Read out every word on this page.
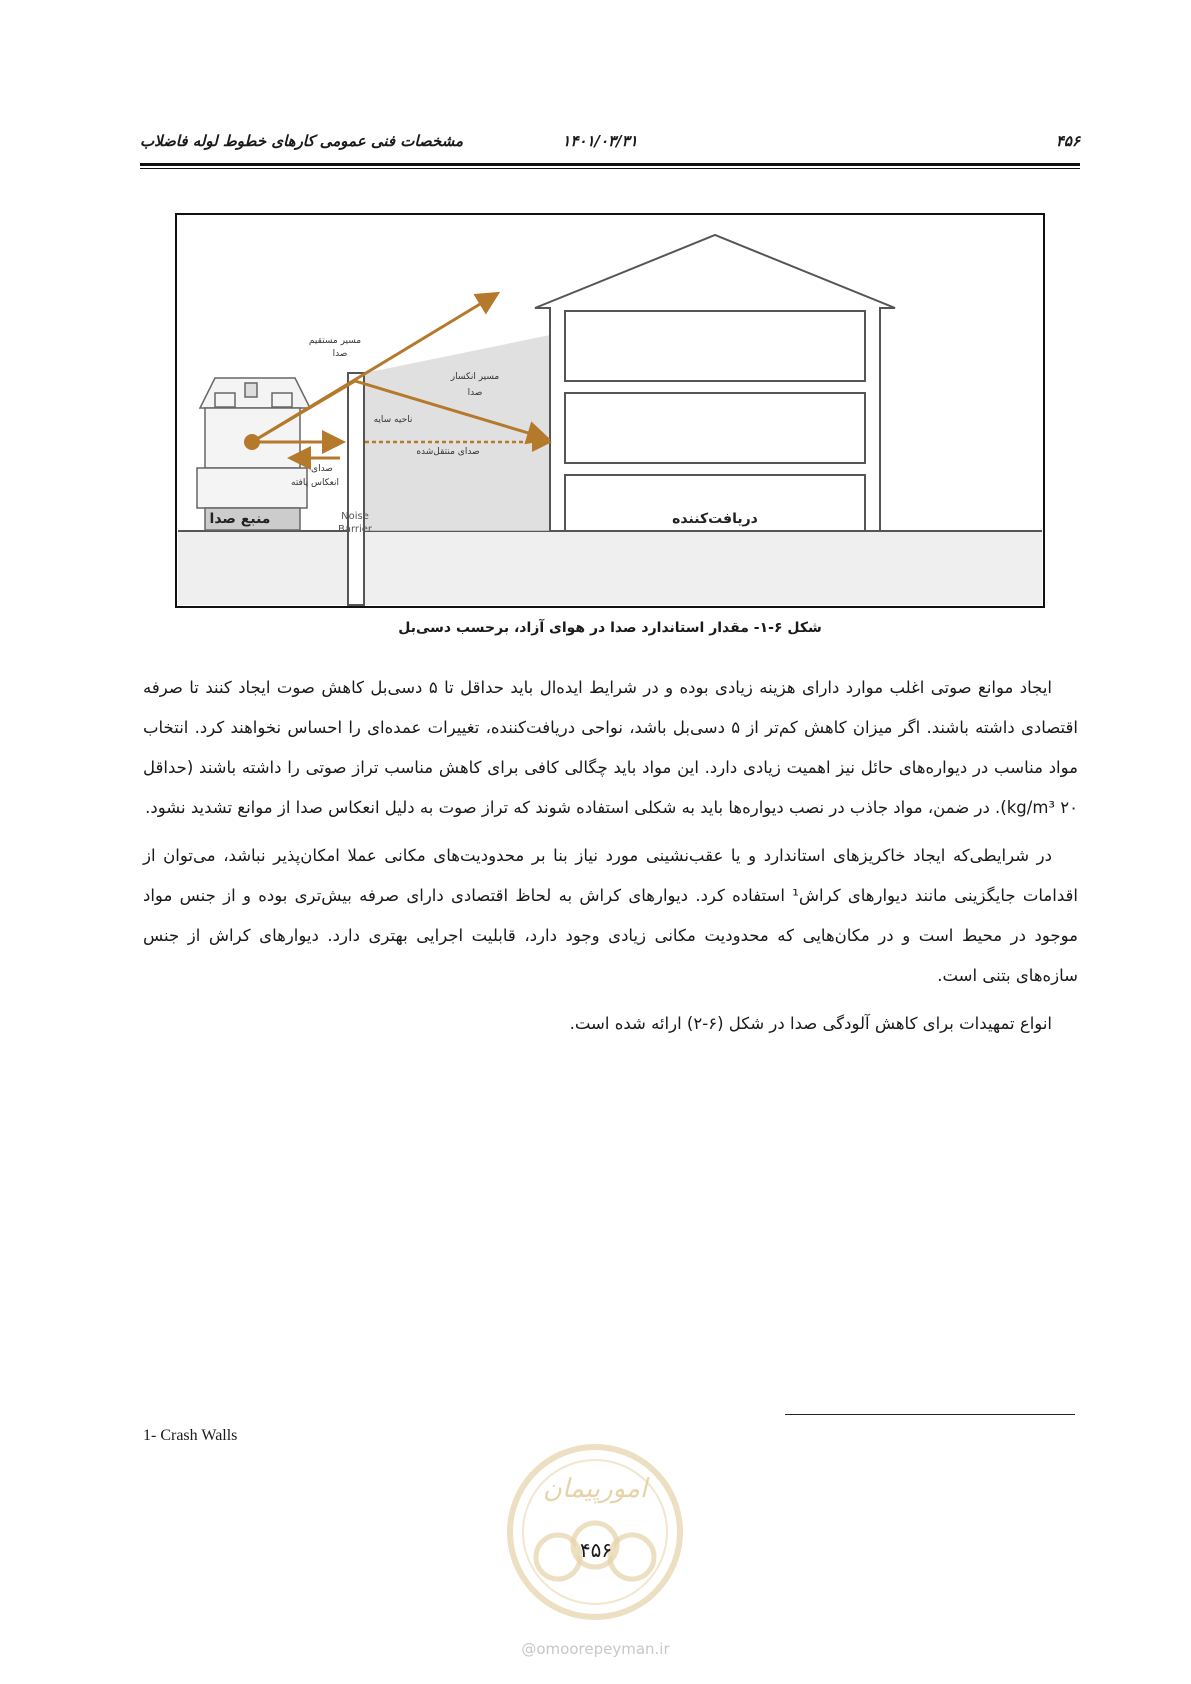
۴۵۶
۱۴۰۱/۰۳/۳۱
مشخصات فنی عمومی کارهای خطوط لوله فاضلاب
مسیر مستقیم
صدا
مسیر انکسار
صدا
ناحیه سایه
صدای منتقل‌شده
صدای
انعکاس یافته
منبع صدا	Noise
Barrier
دریافت‌کننده
شکل ۶-۱- مقدار استاندارد صدا در هوای آزاد، برحسب دسی‌بل

ایجاد موانع صوتی اغلب موارد دارای هزینه زیادی بوده و در شرایط ایده‌ال باید حداقل تا ۵ دسی‌بل کاهش صوت ایجاد کنند تا صرفه اقتصادی داشته باشند. اگر میزان کاهش کم‌تر از ۵ دسی‌بل باشد، نواحی دریافت‌کننده، تغییرات عمده‌ای را احساس نخواهند کرد. انتخاب مواد مناسب در دیواره‌های حائل نیز اهمیت زیادی دارد. این مواد باید چگالی کافی برای کاهش مناسب تراز صوتی را داشته باشند (حداقل kg/m³ ۲۰). در ضمن، مواد جاذب در نصب دیواره‌ها باید به شکلی استفاده شوند که تراز صوت به دلیل انعکاس صدا از موانع تشدید نشود.

در شرایطی‌که ایجاد خاکریزهای استاندارد و یا عقب‌نشینی مورد نیاز بنا بر محدودیت‌های مکانی عملا امکان‌پذیر نباشد، می‌توان از اقدامات جایگزینی مانند دیوارهای کراش¹ استفاده کرد. دیوارهای کراش به لحاظ اقتصادی دارای صرفه بیش‌تری بوده و از جنس مواد موجود در محیط است و در مکان‌هایی که محدودیت مکانی زیادی وجود دارد، قابلیت اجرایی بهتری دارد. دیوارهای کراش از جنس سازه‌های بتنی است.

انواع تمهیدات برای کاهش آلودگی صدا در شکل (۶-۲) ارائه شده است.

1- Crash Walls
امورپیمان
۴۵۶
@omoorepeyman.ir
